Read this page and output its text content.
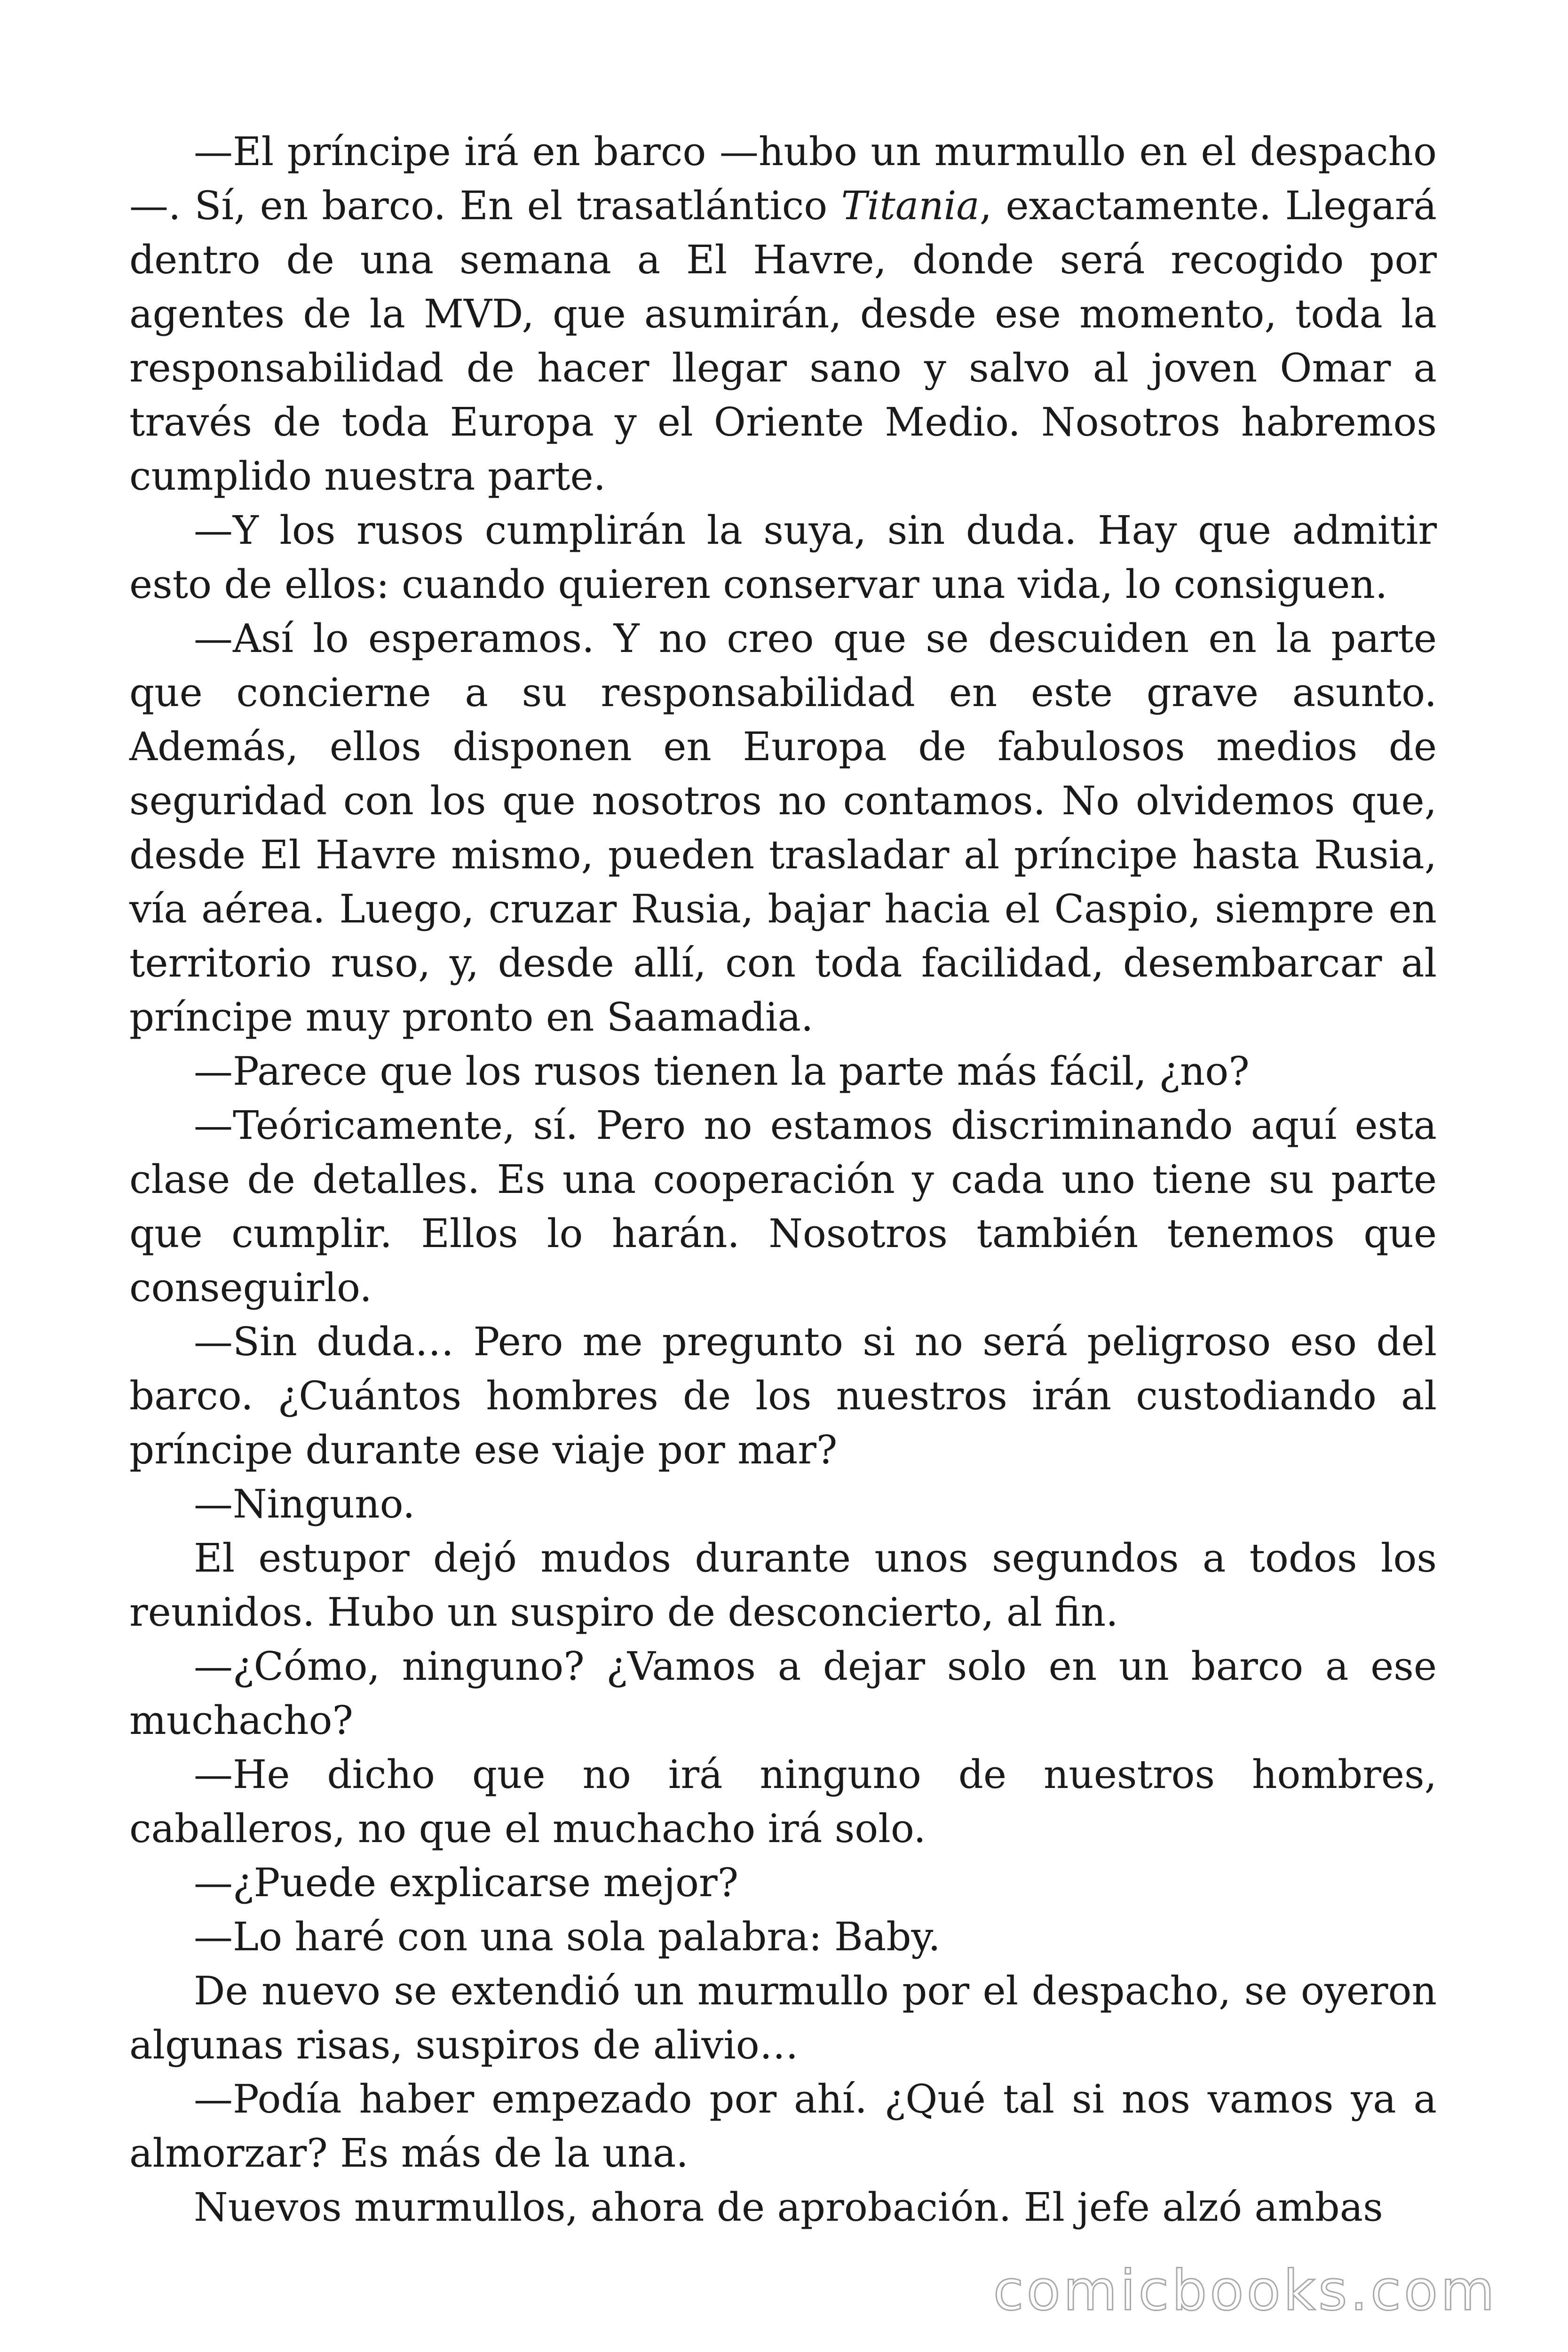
—El príncipe irá en barco —hubo un murmullo en el despacho —. Sí, en barco. En el trasatlántico Titania, exactamente. Llegará dentro de una semana a El Havre, donde será recogido por agentes de la MVD, que asumirán, desde ese momento, toda la responsabilidad de hacer llegar sano y salvo al joven Omar a través de toda Europa y el Oriente Medio. Nosotros habremos cumplido nuestra parte.

—Y los rusos cumplirán la suya, sin duda. Hay que admitir esto de ellos: cuando quieren conservar una vida, lo consiguen.

—Así lo esperamos. Y no creo que se descuiden en la parte que concierne a su responsabilidad en este grave asunto. Además, ellos disponen en Europa de fabulosos medios de seguridad con los que nosotros no contamos. No olvidemos que, desde El Havre mismo, pueden trasladar al príncipe hasta Rusia, vía aérea. Luego, cruzar Rusia, bajar hacia el Caspio, siempre en territorio ruso, y, desde allí, con toda facilidad, desembarcar al príncipe muy pronto en Saamadia.

—Parece que los rusos tienen la parte más fácil, ¿no?

—Teóricamente, sí. Pero no estamos discriminando aquí esta clase de detalles. Es una cooperación y cada uno tiene su parte que cumplir. Ellos lo harán. Nosotros también tenemos que conseguirlo.

—Sin duda… Pero me pregunto si no será peligroso eso del barco. ¿Cuántos hombres de los nuestros irán custodiando al príncipe durante ese viaje por mar?

—Ninguno.

El estupor dejó mudos durante unos segundos a todos los reunidos. Hubo un suspiro de desconcierto, al fin.

—¿Cómo, ninguno? ¿Vamos a dejar solo en un barco a ese muchacho?

—He dicho que no irá ninguno de nuestros hombres, caballeros, no que el muchacho irá solo.

—¿Puede explicarse mejor?

—Lo haré con una sola palabra: Baby.

De nuevo se extendió un murmullo por el despacho, se oyeron algunas risas, suspiros de alivio…

—Podía haber empezado por ahí. ¿Qué tal si nos vamos ya a almorzar? Es más de la una.

Nuevos murmullos, ahora de aprobación. El jefe alzó ambas

comicbooks.com
